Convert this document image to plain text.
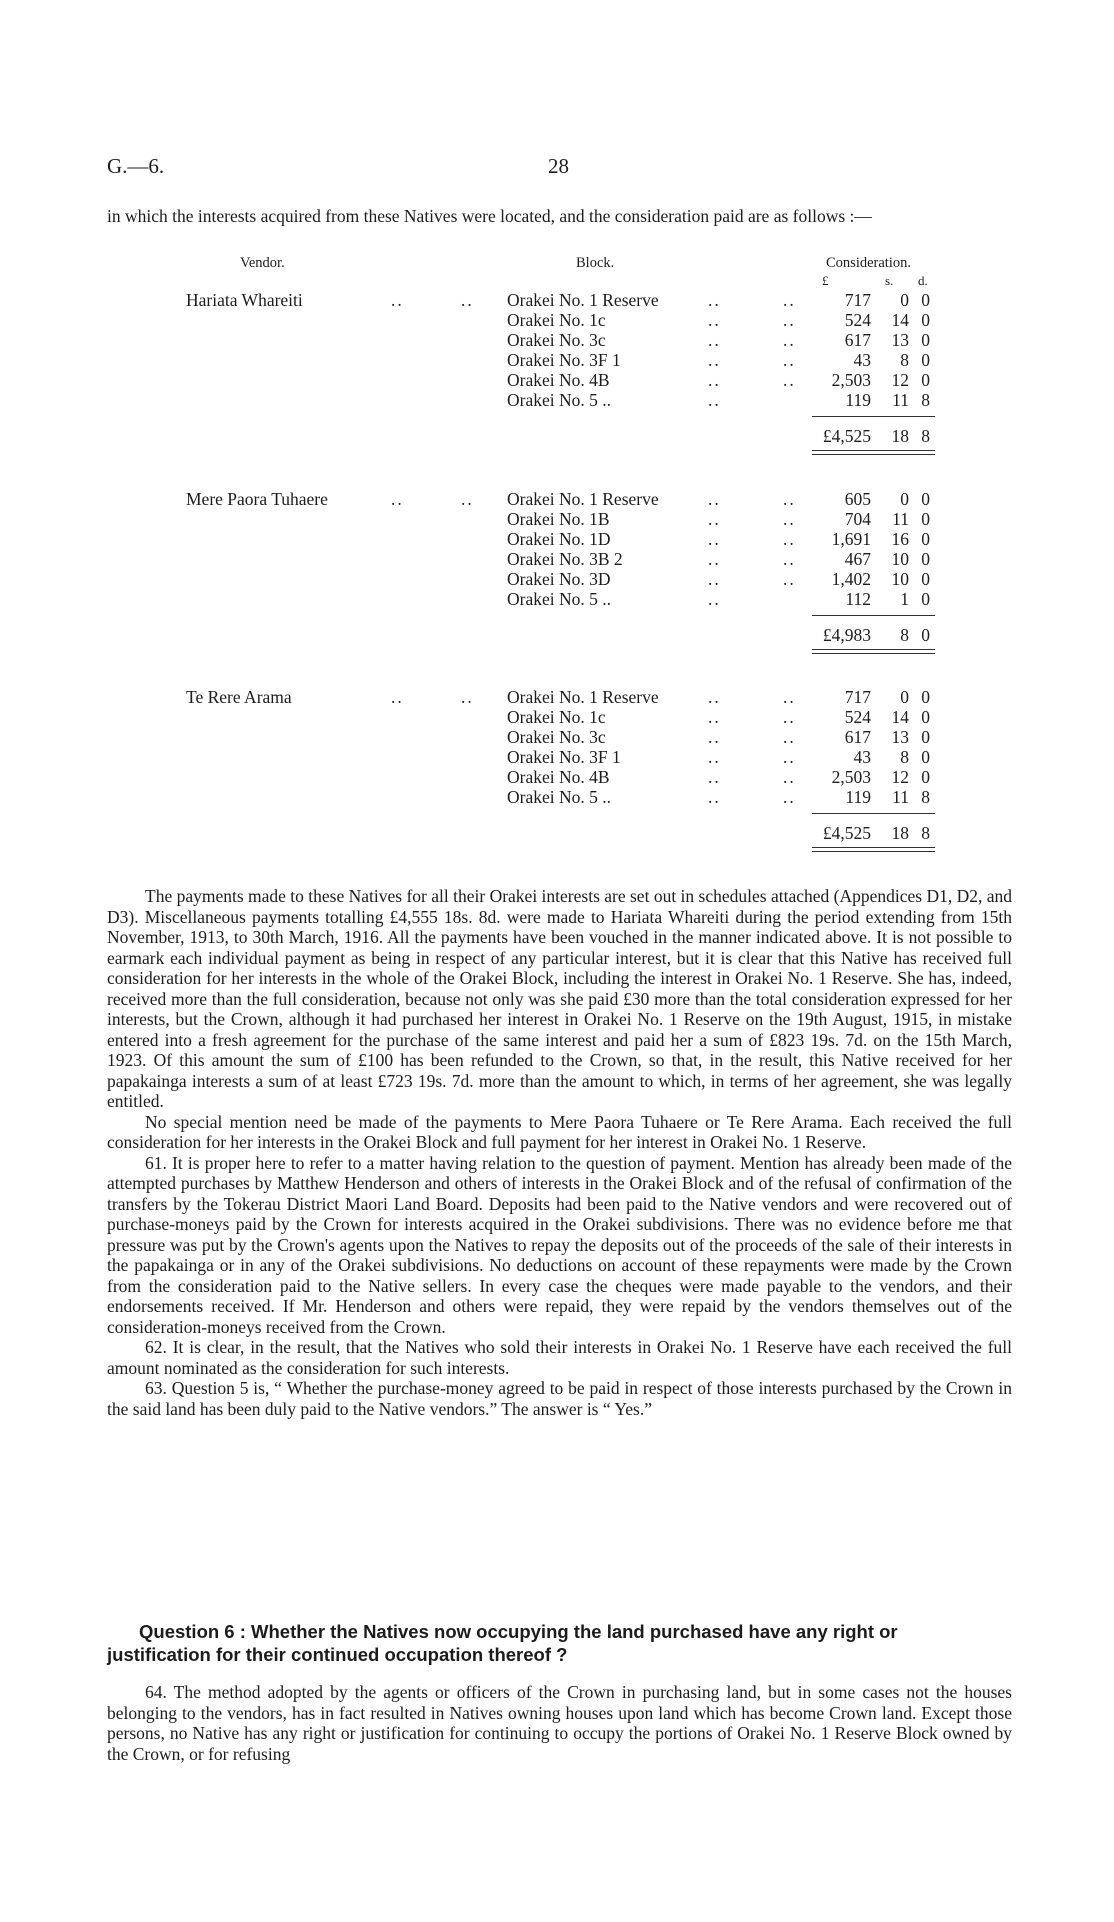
G.—6.	28
in which the interests acquired from these Natives were located, and the consideration paid are as follows :—
Vendor.	Block.	Consideration.
£	s. d.
Hariata Whareiti	..	.. Orakei No. 1 Reserve	..	..	717 0 0
Orakei No. 1c	..	..	524 14 0
Orakei No. 3c	..	..	617 13 0
Orakei No. 3F 1	..	..	43 8 0
Orakei No. 4B	..	.. 2,503 12 0
Orakei No. 5 ..	..	119 11 8
£4,525 18 8
Mere Paora Tuhaere	..	.. Orakei No. 1 Reserve	..	..	605 0 0
Orakei No. 1B	..	..	704 11 0
Orakei No. 1D	..	.. 1,691 16 0
Orakei No. 3B 2	..	..	467 10 0
Orakei No. 3D	..	.. 1,402 10 0
Orakei No. 5 ..	..	112 1 0
£4,983 8 0
Te Rere Arama	..	.. Orakei No. 1 Reserve	..	..	717 0 0
Orakei No. 1c	..	..	524 14 0
Orakei No. 3c	..	..	617 13 0
Orakei No. 3F 1	..	..	43 8 0
Orakei No. 4B	..	.. 2,503 12 0
Orakei No. 5 ..	..	..	119 11 8
£4,525 18 8

The payments made to these Natives for all their Orakei interests are set out in schedules attached (Appendices D1, D2, and D3). Miscellaneous payments totalling £4,555 18s. 8d. were made to Hariata Whareiti during the period extending from 15th November, 1913, to 30th March, 1916. All the payments have been vouched in the manner indicated above. It is not possible to earmark each individual payment as being in respect of any particular interest, but it is clear that this Native has received full consideration for her interests in the whole of the Orakei Block, including the interest in Orakei No. 1 Reserve. She has, indeed, received more than the full consideration, because not only was she paid £30 more than the total consideration expressed for her interests, but the Crown, although it had purchased her interest in Orakei No. 1 Reserve on the 19th August, 1915, in mistake entered into a fresh agreement for the purchase of the same interest and paid her a sum of £823 19s. 7d. on the 15th March, 1923. Of this amount the sum of £100 has been refunded to the Crown, so that, in the result, this Native received for her papakainga interests a sum of at least £723 19s. 7d. more than the amount to which, in terms of her agreement, she was legally entitled.

No special mention need be made of the payments to Mere Paora Tuhaere or Te Rere Arama. Each received the full consideration for her interests in the Orakei Block and full payment for her interest in Orakei No. 1 Reserve.

61. It is proper here to refer to a matter having relation to the question of payment. Mention has already been made of the attempted purchases by Matthew Henderson and others of interests in the Orakei Block and of the refusal of confirmation of the transfers by the Tokerau District Maori Land Board. Deposits had been paid to the Native vendors and were recovered out of purchase-moneys paid by the Crown for interests acquired in the Orakei subdivisions. There was no evidence before me that pressure was put by the Crown's agents upon the Natives to repay the deposits out of the proceeds of the sale of their interests in the papakainga or in any of the Orakei subdivisions. No deductions on account of these repayments were made by the Crown from the consideration paid to the Native sellers. In every case the cheques were made payable to the vendors, and their endorsements received. If Mr. Henderson and others were repaid, they were repaid by the vendors themselves out of the consideration-moneys received from the Crown.

62. It is clear, in the result, that the Natives who sold their interests in Orakei No. 1 Reserve have each received the full amount nominated as the consideration for such interests.

63. Question 5 is, “ Whether the purchase-money agreed to be paid in respect of those interests purchased by the Crown in the said land has been duly paid to the Native vendors.” The answer is “ Yes.”

Question 6 : Whether the Natives now occupying the land purchased have any right or
justification for their continued occupation thereof ?

64. The method adopted by the agents or officers of the Crown in purchasing land, but in some cases not the houses belonging to the vendors, has in fact resulted in Natives owning houses upon land which has become Crown land. Except those persons, no Native has any right or justification for continuing to occupy the portions of Orakei No. 1 Reserve Block owned by the Crown, or for refusing
